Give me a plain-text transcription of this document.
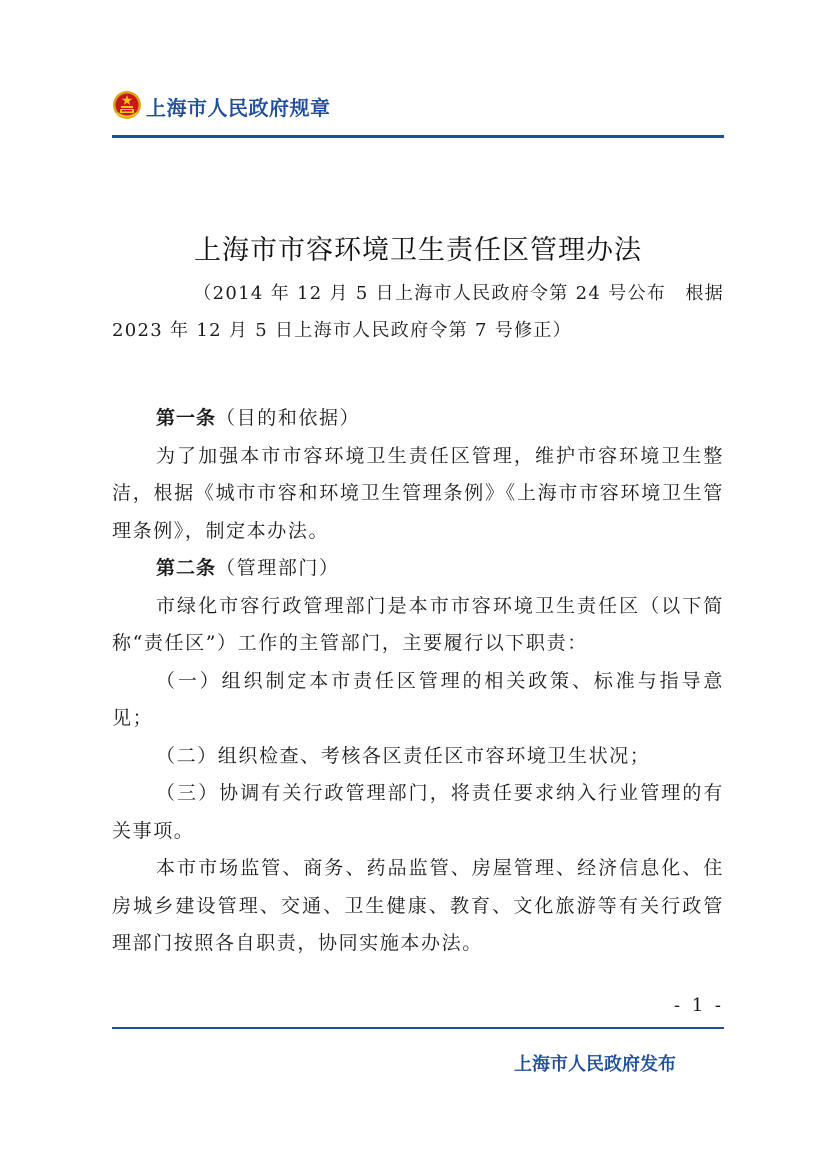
上海市人民政府规章
上海市市容环境卫生责任区管理办法
（2014 年 12 月 5 日上海市人民政府令第 24 号公布　根据
2023 年 12 月 5 日上海市人民政府令第 7 号修正）

第一条（目的和依据）

为了加强本市市容环境卫生责任区管理，维护市容环境卫生整洁，根据《城市市容和环境卫生管理条例》《上海市市容环境卫生管理条例》，制定本办法。

第二条（管理部门）

市绿化市容行政管理部门是本市市容环境卫生责任区（以下简称“责任区”）工作的主管部门，主要履行以下职责：

（一）组织制定本市责任区管理的相关政策、标准与指导意见；

（二）组织检查、考核各区责任区市容环境卫生状况；

（三）协调有关行政管理部门，将责任要求纳入行业管理的有关事项。

本市市场监管、商务、药品监管、房屋管理、经济信息化、住房城乡建设管理、交通、卫生健康、教育、文化旅游等有关行政管理部门按照各自职责，协同实施本办法。

- 1 -
上海市人民政府发布
